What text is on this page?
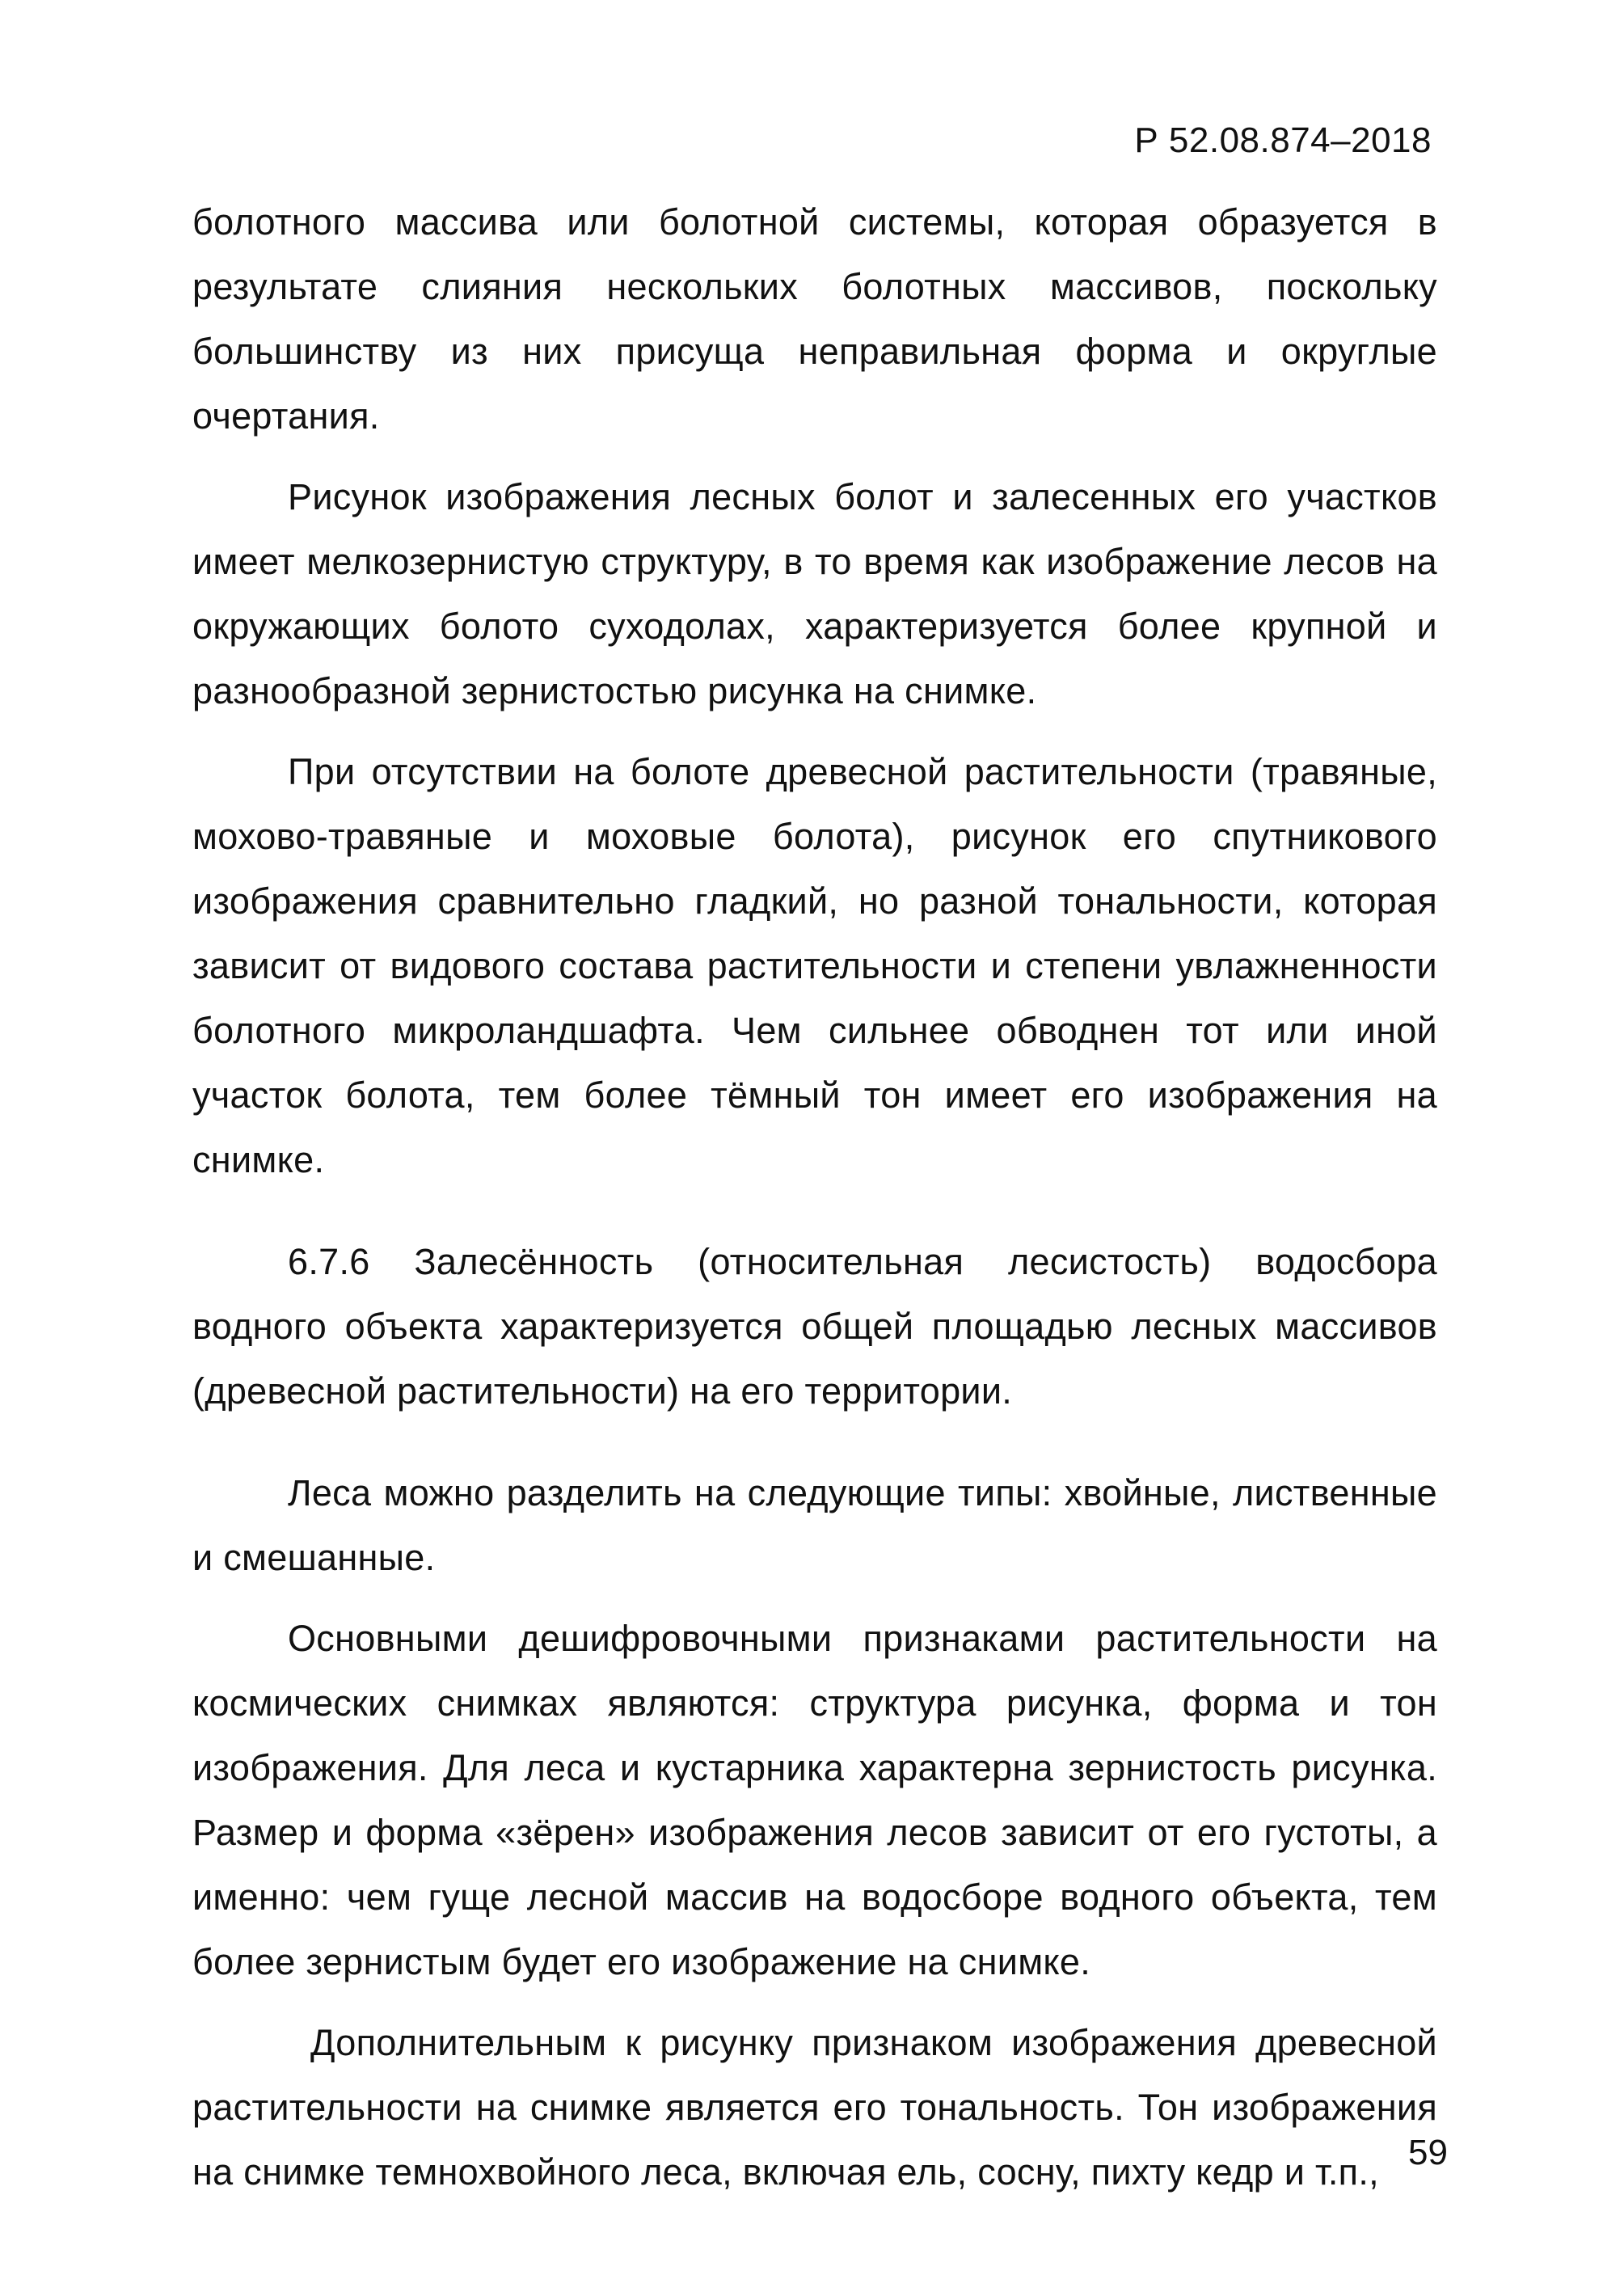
Р 52.08.874–2018

болотного массива или болотной системы, которая образуется в результате слияния нескольких болотных массивов, поскольку большинству из них присуща неправильная форма и округлые очертания.

Рисунок изображения лесных болот и залесенных его участков имеет мелкозернистую структуру, в то время как изображение лесов на окружающих болото суходолах, характеризуется более крупной и разнообразной зернистостью рисунка на снимке.

При отсутствии на болоте древесной растительности (травяные, мохово-травяные и моховые болота), рисунок его спутникового изображения сравнительно гладкий, но разной тональности, которая зависит от видового состава растительности и степени увлажненности болотного микроландшафта. Чем сильнее обводнен тот или иной участок болота, тем более тёмный тон имеет его изображения на снимке.

6.7.6 Залесённость (относительная лесистость) водосбора водного объекта характеризуется общей площадью лесных массивов (древесной растительности) на его территории.

Леса можно разделить на следующие типы: хвойные, лиственные и смешанные.

Основными дешифровочными признаками растительности на космических снимках являются: структура рисунка, форма и тон изображения. Для леса и кустарника характерна зернистость рисунка. Размер и форма «зёрен» изображения лесов зависит от его густоты, а именно: чем гуще лесной массив на водосборе водного объекта, тем более зернистым будет его изображение на снимке.

Дополнительным к рисунку признаком изображения древесной растительности на снимке является его тональность. Тон изображения на снимке темнохвойного леса, включая ель, сосну, пихту кедр и т.п., 59
